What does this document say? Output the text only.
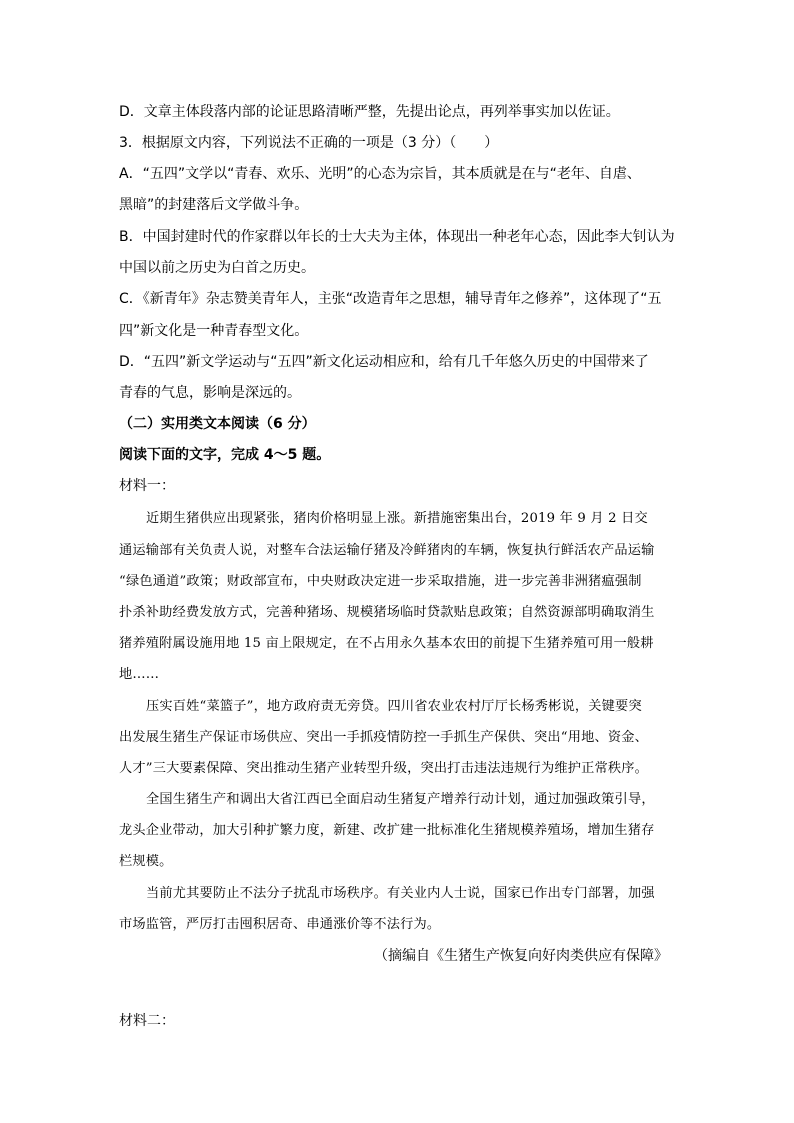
D．文章主体段落内部的论证思路清晰严整，先提出论点，再列举事实加以佐证。
3．根据原文内容，下列说法不正确的一项是（3 分）（　　）
A．“五四”文学以“青春、欢乐、光明”的心态为宗旨，其本质就是在与“老年、自虐、
黑暗”的封建落后文学做斗争。
B．中国封建时代的作家群以年长的士大夫为主体，体现出一种老年心态，因此李大钊认为
中国以前之历史为白首之历史。
C．《新青年》杂志赞美青年人，主张“改造青年之思想，辅导青年之修养”，这体现了“五
四”新文化是一种青春型文化。
D．“五四”新文学运动与“五四”新文化运动相应和，给有几千年悠久历史的中国带来了
青春的气息，影响是深远的。
（二）实用类文本阅读（6 分）
阅读下面的文字，完成 4～5 题。
材料一：
近期生猪供应出现紧张，猪肉价格明显上涨。新措施密集出台，2019 年 9 月 2 日交
通运输部有关负责人说，对整车合法运输仔猪及冷鲜猪肉的车辆，恢复执行鲜活农产品运输
“绿色通道”政策；财政部宣布，中央财政决定进一步采取措施，进一步完善非洲猪瘟强制
扑杀补助经费发放方式，完善种猪场、规模猪场临时贷款贴息政策；自然资源部明确取消生
猪养殖附属设施用地 15 亩上限规定，在不占用永久基本农田的前提下生猪养殖可用一般耕
地……
压实百姓“菜篮子”，地方政府责无旁贷。四川省农业农村厅厅长杨秀彬说，关键要突
出发展生猪生产保证市场供应、突出一手抓疫情防控一手抓生产保供、突出“用地、资金、
人才”三大要素保障、突出推动生猪产业转型升级，突出打击违法违规行为维护正常秩序。
全国生猪生产和调出大省江西已全面启动生猪复产增养行动计划，通过加强政策引导，
龙头企业带动，加大引种扩繁力度，新建、改扩建一批标准化生猪规模养殖场，增加生猪存
栏规模。
当前尤其要防止不法分子扰乱市场秩序。有关业内人士说，国家已作出专门部署，加强
市场监管，严厉打击囤积居奇、串通涨价等不法行为。
（摘编自《生猪生产恢复向好肉类供应有保障》
材料二：
